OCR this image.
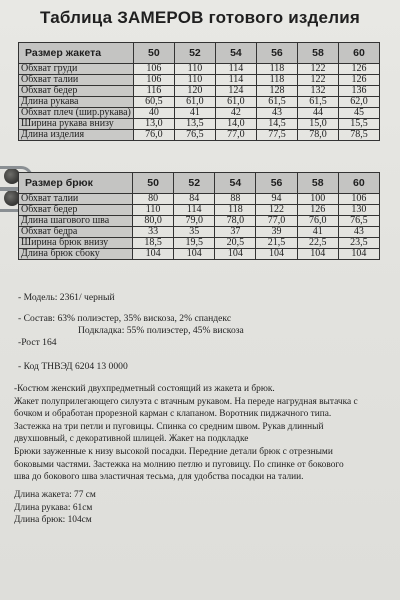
Таблица ЗАМЕРОВ готового изделия
Размер жакета	50	52	54	56	58	60
Обхват груди	106	110	114	118	122	126
Обхват талии	106	110	114	118	122	126
Обхват бедер	116	120	124	128	132	136
Длина рукава	60,5	61,0	61,0	61,5	61,5	62,0
Обхват плеч (шир.рукава)	40	41	42	43	44	45
Ширина рукава внизу	13,0	13,5	14,0	14,5	15,0	15,5
Длина изделия	76,0	76,5	77,0	77,5	78,0	78,5
Размер брюк	50	52	54	56	58	60
Обхват талии	80	84	88	94	100	106
Обхват бедер	110	114	118	122	126	130
Длина шагового шва	80,0	79,0	78,0	77,0	76,0	76,5
Обхват бедра	33	35	37	39	41	43
Ширина брюк внизу	18,5	19,5	20,5	21,5	22,5	23,5
Длина брюк сбоку	104	104	104	104	104	104
- Модель: 2361/ черный
- Состав: 63% полиэстер, 35% вискоза, 2% спандекс
Подкладка: 55% полиэстер, 45% вискоза
-Рост 164
- Код ТНВЭД 6204 13 0000

-Костюм женский двухпредметный состоящий из жакета и брюк.

Жакет полуприлегающего силуэта с втачным рукавом. На переде нагрудная вытачка с

бочком и обработан прорезной карман с клапаном. Воротник пиджачного типа.

Застежка на три петли и пуговицы. Спинка со средним швом. Рукав длинный

двухшовный, с декоративной шлицей. Жакет на подкладке

Брюки зауженные к низу высокой посадки. Передние детали брюк с отрезными

боковыми частями. Застежка на молнию петлю и пуговицу. По спинке от бокового

шва до бокового шва эластичная тесьма, для удобства посадки на талии.

Длина жакета: 77 см

Длина рукава: 61см

Длина брюк: 104см
